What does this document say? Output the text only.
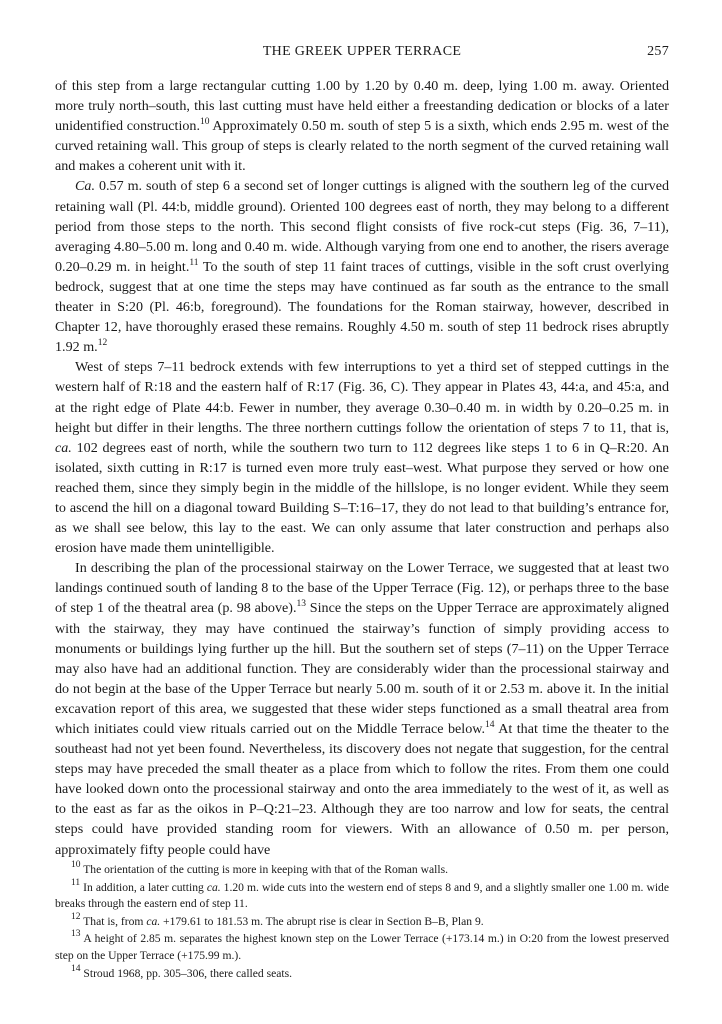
THE GREEK UPPER TERRACE	257

of this step from a large rectangular cutting 1.00 by 1.20 by 0.40 m. deep, lying 1.00 m. away. Oriented more truly north–south, this last cutting must have held either a freestanding dedication or blocks of a later unidentified construction.$^{10}$ Approximately 0.50 m. south of step 5 is a sixth, which ends 2.95 m. west of the curved retaining wall. This group of steps is clearly related to the north segment of the curved retaining wall and makes a coherent unit with it.

Ca. 0.57 m. south of step 6 a second set of longer cuttings is aligned with the southern leg of the curved retaining wall (Pl. 44:b, middle ground). Oriented 100 degrees east of north, they may belong to a different period from those steps to the north. This second flight consists of five rock-cut steps (Fig. 36, 7–11), averaging 4.80–5.00 m. long and 0.40 m. wide. Although varying from one end to another, the risers average 0.20–0.29 m. in height.$^{11}$ To the south of step 11 faint traces of cuttings, visible in the soft crust overlying bedrock, suggest that at one time the steps may have continued as far south as the entrance to the small theater in S:20 (Pl. 46:b, foreground). The foundations for the Roman stairway, however, described in Chapter 12, have thoroughly erased these remains. Roughly 4.50 m. south of step 11 bedrock rises abruptly 1.92 m.$^{12}$

West of steps 7–11 bedrock extends with few interruptions to yet a third set of stepped cuttings in the western half of R:18 and the eastern half of R:17 (Fig. 36, C). They appear in Plates 43, 44:a, and 45:a, and at the right edge of Plate 44:b. Fewer in number, they average 0.30–0.40 m. in width by 0.20–0.25 m. in height but differ in their lengths. The three northern cuttings follow the orientation of steps 7 to 11, that is, ca. 102 degrees east of north, while the southern two turn to 112 degrees like steps 1 to 6 in Q–R:20. An isolated, sixth cutting in R:17 is turned even more truly east–west. What purpose they served or how one reached them, since they simply begin in the middle of the hillslope, is no longer evident. While they seem to ascend the hill on a diagonal toward Building S–T:16–17, they do not lead to that building’s entrance for, as we shall see below, this lay to the east. We can only assume that later construction and perhaps also erosion have made them unintelligible.

In describing the plan of the processional stairway on the Lower Terrace, we suggested that at least two landings continued south of landing 8 to the base of the Upper Terrace (Fig. 12), or perhaps three to the base of step 1 of the theatral area (p. 98 above).$^{13}$ Since the steps on the Upper Terrace are approximately aligned with the stairway, they may have continued the stairway’s function of simply providing access to monuments or buildings lying further up the hill. But the southern set of steps (7–11) on the Upper Terrace may also have had an additional function. They are considerably wider than the processional stairway and do not begin at the base of the Upper Terrace but nearly 5.00 m. south of it or 2.53 m. above it. In the initial excavation report of this area, we suggested that these wider steps functioned as a small theatral area from which initiates could view rituals carried out on the Middle Terrace below.$^{14}$ At that time the theater to the southeast had not yet been found. Nevertheless, its discovery does not negate that suggestion, for the central steps may have preceded the small theater as a place from which to follow the rites. From them one could have looked down onto the processional stairway and onto the area immediately to the west of it, as well as to the east as far as the oikos in P–Q:21–23. Although they are too narrow and low for seats, the central steps could have provided standing room for viewers. With an allowance of 0.50 m. per person, approximately fifty people could have

$^{10}$ The orientation of the cutting is more in keeping with that of the Roman walls.

$^{11}$ In addition, a later cutting ca. 1.20 m. wide cuts into the western end of steps 8 and 9, and a slightly smaller one 1.00 m. wide breaks through the eastern end of step 11.

$^{12}$ That is, from ca. +179.61 to 181.53 m. The abrupt rise is clear in Section B–B, Plan 9.

$^{13}$ A height of 2.85 m. separates the highest known step on the Lower Terrace (+173.14 m.) in O:20 from the lowest preserved step on the Upper Terrace (+175.99 m.).

$^{14}$ Stroud 1968, pp. 305–306, there called seats.
